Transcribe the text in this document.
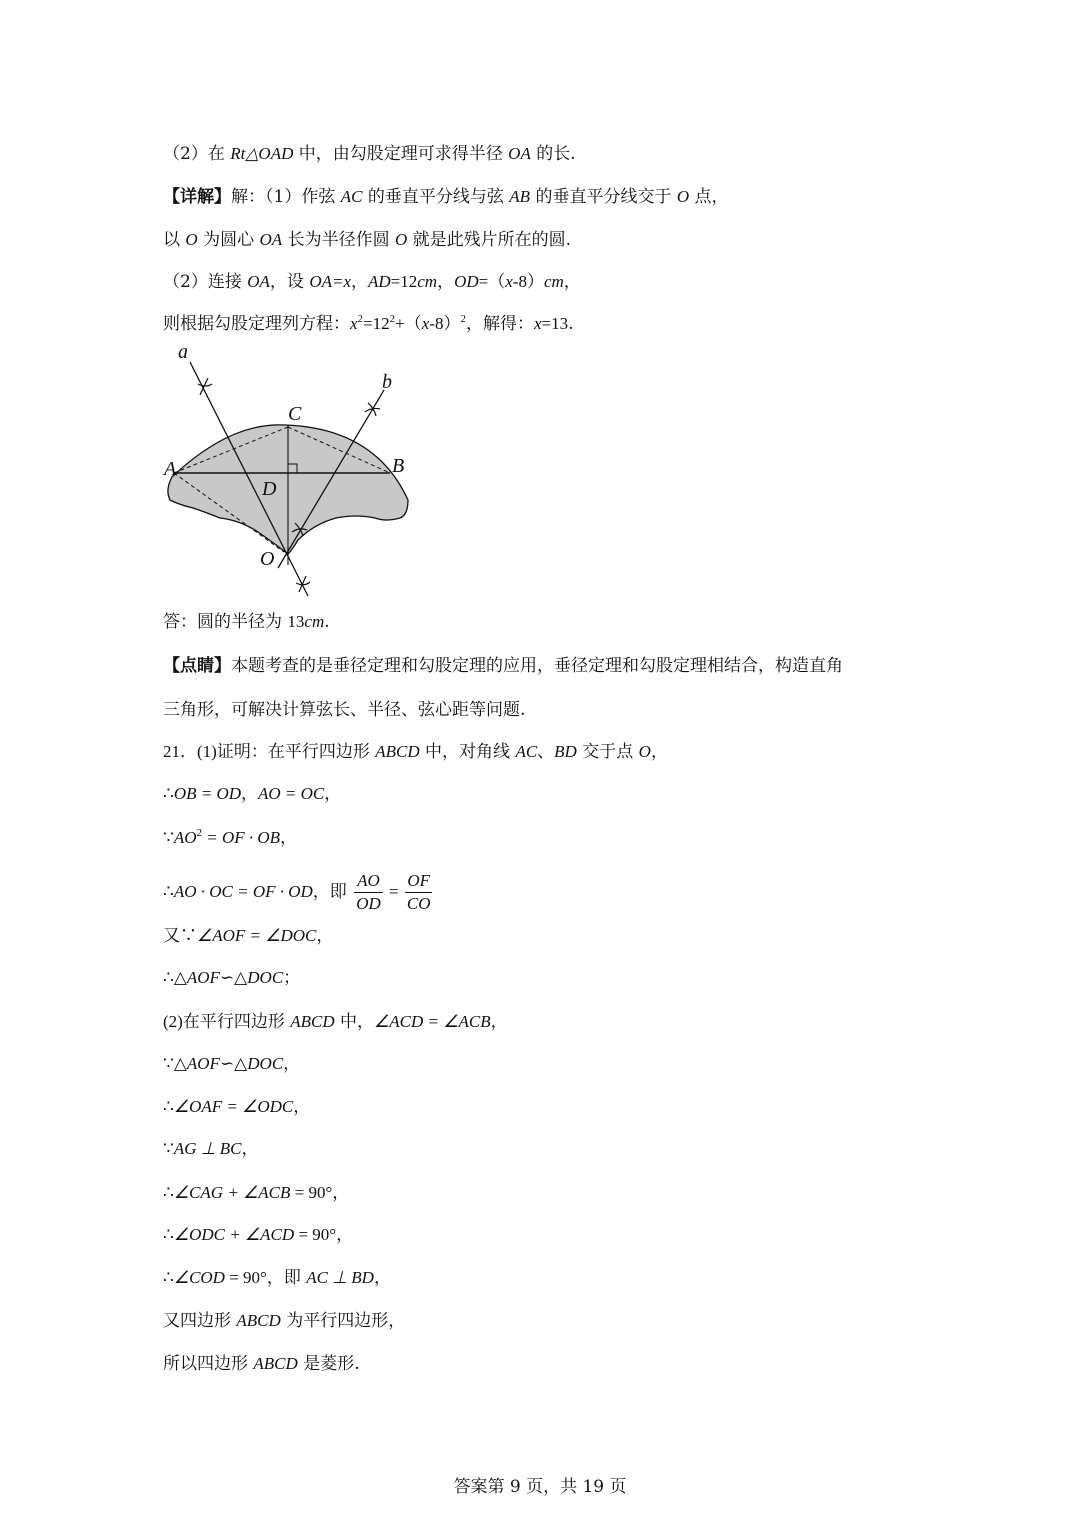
（2）在 Rt△OAD 中，由勾股定理可求得半径 OA 的长.
【详解】解：（1）作弦 AC 的垂直平分线与弦 AB 的垂直平分线交于 O 点，
以 O 为圆心 OA 长为半径作圆 O 就是此残片所在的圆.
（2）连接 OA，设 OA=x，AD=12cm，OD=（x-8）cm，
则根据勾股定理列方程：$x^2=12^2+(x-8)^2$，解得：x=13.
答：圆的半径为 13cm.
【点睛】本题考查的是垂径定理和勾股定理的应用，垂径定理和勾股定理相结合，构造直角
三角形，可解决计算弦长、半径、弦心距等问题.
21．(1)证明：在平行四边形 ABCD 中，对角线 AC、BD 交于点 O，
∴OB = OD，AO = OC，
$\because AO^2$ = OF · OB，
∴AO · OC = OF · OD，即 $\frac{AO}{OD} = \frac{OF}{CO}$
又∵∠AOF = ∠DOC，
∴△AOF∽△DOC；
(2)在平行四边形 ABCD 中，∠ACD = ∠ACB，
∵△AOF∽△DOC，
∴∠OAF = ∠ODC，
∵AG ⊥ BC，
∴∠CAG + ∠ACB = 90°，
∴∠ODC + ∠ACD = 90°，
∴∠COD = 90°，即 AC ⊥ BD，
又四边形 ABCD 为平行四边形，
所以四边形 ABCD 是菱形.
a
b
C
A	B
D
O
答案第 9 页，共 19 页
